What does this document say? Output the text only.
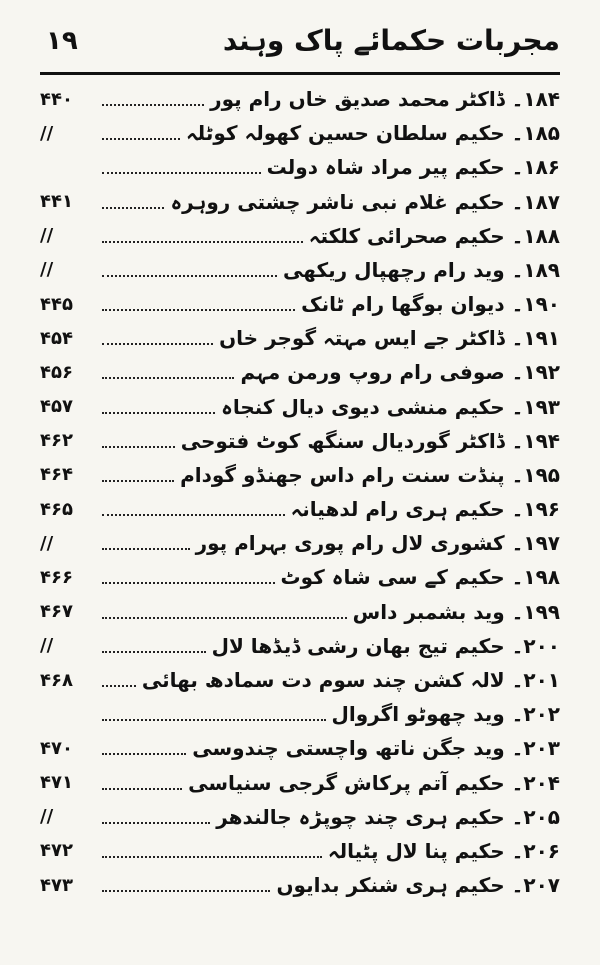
۱۹	مجربات حکمائے پاک وہند
۱۸۴۔ ڈاکٹر محمد صدیق خاں رام پور
۴۴۰
۱۸۵۔ حکیم سلطان حسین کھولہ کوٹلہ
//
۱۸۶۔ حکیم پیر مراد شاہ دولت
۱۸۷۔ حکیم غلام نبی ناشر چشتی روہرہ
۴۴۱
۱۸۸۔ حکیم صحرائی کلکتہ
//
۱۸۹۔ وید رام رچھپال ریکھی
//
۱۹۰۔ دیوان بوگھا رام ٹانک
۴۴۵
۱۹۱۔ ڈاکٹر جے ایس مہتہ گوجر خاں
۴۵۴
۱۹۲۔ صوفی رام روپ ورمن مہم
۴۵۶
۱۹۳۔ حکیم منشی دیوی دیال کنجاہ
۴۵۷
۱۹۴۔ ڈاکٹر گوردیال سنگھ کوٹ فتوحی
۴۶۲
۱۹۵۔ پنڈت سنت رام داس جھنڈو گودام
۴۶۴
۱۹۶۔ حکیم ہری رام لدھیانہ
۴۶۵
۱۹۷۔ کشوری لال رام پوری بہرام پور
//
۱۹۸۔ حکیم کے سی شاہ کوٹ
۴۶۶
۱۹۹۔ وید بشمبر داس
۴۶۷
۲۰۰۔ حکیم تیج بھان رشی ڈیڈھا لال
//
۲۰۱۔ لالہ کشن چند سوم دت سمادھ بھائی
۴۶۸
۲۰۲۔ وید چھوٹو اگروال
۲۰۳۔ وید جگن ناتھ واچستی چندوسی
۴۷۰
۲۰۴۔ حکیم آتم پرکاش گرجی سنیاسی
۴۷۱
۲۰۵۔ حکیم ہری چند چوپڑہ جالندھر
//
۲۰۶۔ حکیم پنا لال پٹیالہ
۴۷۲
۲۰۷۔ حکیم ہری شنکر بدایوں
۴۷۳
